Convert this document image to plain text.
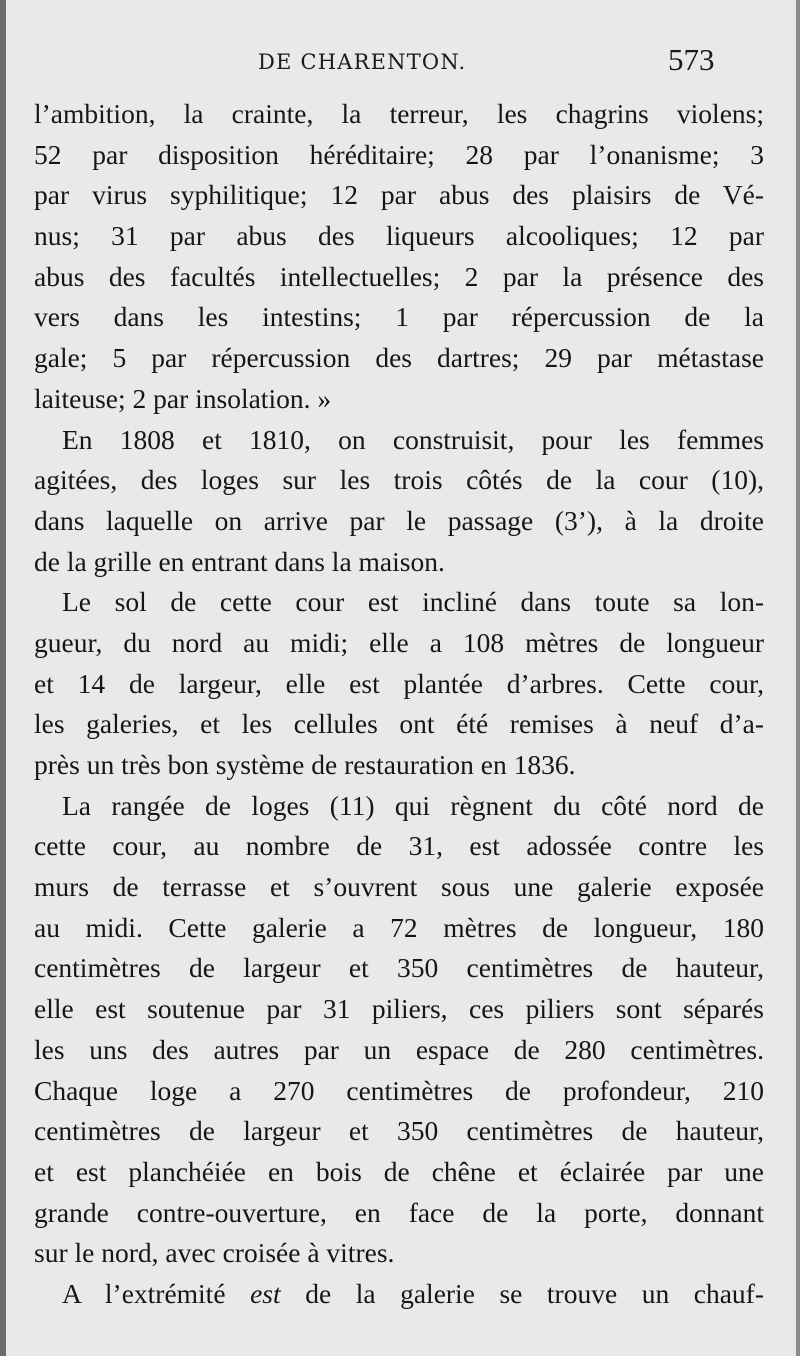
DE CHARENTON.	573
l’ambition, la crainte, la terreur, les chagrins violens;
52 par disposition héréditaire; 28 par l’onanisme; 3
par virus syphilitique; 12 par abus des plaisirs de Vé-
nus; 31 par abus des liqueurs alcooliques; 12 par
abus des facultés intellectuelles; 2 par la présence des
vers dans les intestins; 1 par répercussion de la
gale; 5 par répercussion des dartres; 29 par métastase
laiteuse; 2 par insolation. »
En 1808 et 1810, on construisit, pour les femmes
agitées, des loges sur les trois côtés de la cour (10),
dans laquelle on arrive par le passage (3’), à la droite
de la grille en entrant dans la maison.
Le sol de cette cour est incliné dans toute sa lon-
gueur, du nord au midi; elle a 108 mètres de longueur
et 14 de largeur, elle est plantée d’arbres. Cette cour,
les galeries, et les cellules ont été remises à neuf d’a-
près un très bon système de restauration en 1836.
La rangée de loges (11) qui règnent du côté nord de
cette cour, au nombre de 31, est adossée contre les
murs de terrasse et s’ouvrent sous une galerie exposée
au midi. Cette galerie a 72 mètres de longueur, 180
centimètres de largeur et 350 centimètres de hauteur,
elle est soutenue par 31 piliers, ces piliers sont séparés
les uns des autres par un espace de 280 centimètres.
Chaque loge a 270 centimètres de profondeur, 210
centimètres de largeur et 350 centimètres de hauteur,
et est planchéiée en bois de chêne et éclairée par une
grande contre-ouverture, en face de la porte, donnant
sur le nord, avec croisée à vitres.
A l’extrémité est de la galerie se trouve un chauf-
